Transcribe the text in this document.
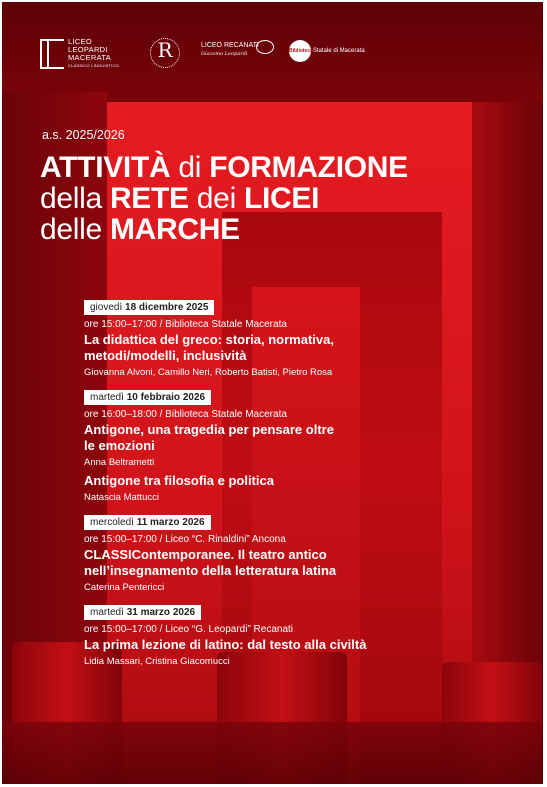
LICEO
LEOPARDI
MACERATA
CLASSICO LINGUISTICO
R	LICEO RECANATI
Giacomo Leopardi	Biblioteca Statale di Macerata
a.s. 2025/2026
ATTIVITÀ di FORMAZIONE
della RETE dei LICEI
delle MARCHE
giovedì 18 dicembre 2025
ore 15:00–17:00 / Biblioteca Statale Macerata
La didattica del greco: storia, normativa, metodi/modelli, inclusività
Giovanna Alvoni, Camillo Neri, Roberto Batisti, Pietro Rosa
martedì 10 febbraio 2026
ore 16:00–18:00 / Biblioteca Statale Macerata
Antigone, una tragedia per pensare oltre le emozioni
Anna Beltrametti
Antigone tra filosofia e politica
Natascia Mattucci
mercoledì 11 marzo 2026
ore 15:00–17:00 / Liceo “C. Rinaldini” Ancona
CLASSIContemporanee. Il teatro antico nell’insegnamento della letteratura latina
Caterina Pentericci
martedì 31 marzo 2026
ore 15:00–17:00 / Liceo “G. Leopardi” Recanati
La prima lezione di latino: dal testo alla civiltà
Lidia Massari, Cristina Giacomucci
